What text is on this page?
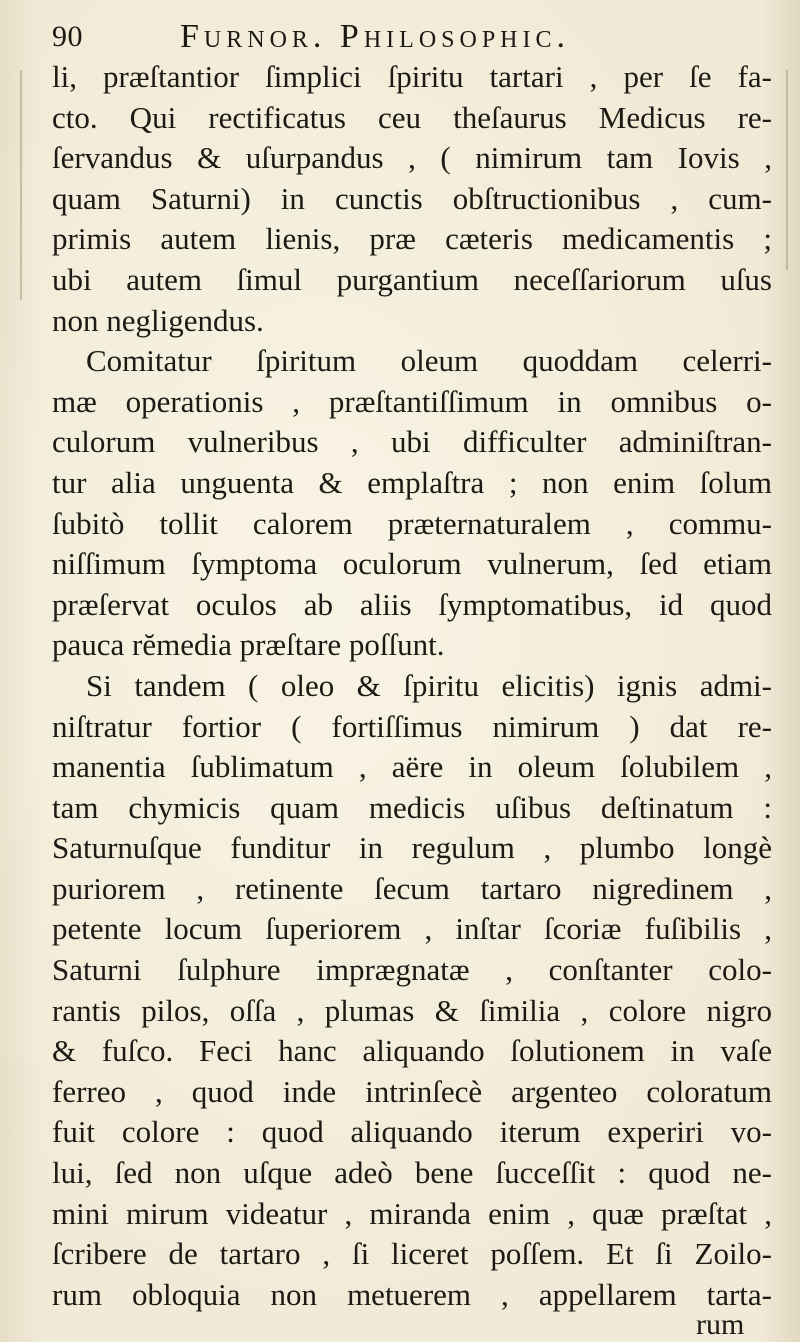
90	Furnor. Philosophic.
li, præſtantior ſimplici ſpiritu tartari , per ſe fa-
cto. Qui rectificatus ceu theſaurus Medicus re-
ſervandus & uſurpandus , ( nimirum tam Iovis ,
quam Saturni) in cunctis obſtructionibus , cum-
primis autem lienis, præ cæteris medicamentis ;
ubi autem ſimul purgantium neceſſariorum uſus
non negligendus.
Comitatur ſpiritum oleum quoddam celerri-
mæ operationis , præſtantiſſimum in omnibus o-
culorum vulneribus , ubi difficulter adminiſtran-
tur alia unguenta & emplaſtra ; non enim ſolum
ſubitò tollit calorem præternaturalem , commu-
niſſimum ſymptoma oculorum vulnerum, ſed etiam
præſervat oculos ab aliis ſymptomatibus, id quod
pauca rĕmedia præſtare poſſunt.
Si tandem ( oleo & ſpiritu elicitis) ignis admi-
niſtratur fortior ( fortiſſimus nimirum ) dat re-
manentia ſublimatum , aëre in oleum ſolubilem ,
tam chymicis quam medicis uſibus deſtinatum :
Saturnuſque funditur in regulum , plumbo longè
puriorem , retinente ſecum tartaro nigredinem ,
petente locum ſuperiorem , inſtar ſcoriæ fuſibilis ,
Saturni ſulphure imprægnatæ , conſtanter colo-
rantis pilos, oſſa , plumas & ſimilia , colore nigro
& fuſco. Feci hanc aliquando ſolutionem in vaſe
ferreo , quod inde intrinſecè argenteo coloratum
fuit colore : quod aliquando iterum experiri vo-
lui, ſed non uſque adeò bene ſucceſſit : quod ne-
mini mirum videatur , miranda enim , quæ præſtat ,
ſcribere de tartaro , ſi liceret poſſem. Et ſi Zoilo-
rum obloquia non metuerem , appellarem tarta-
rum
